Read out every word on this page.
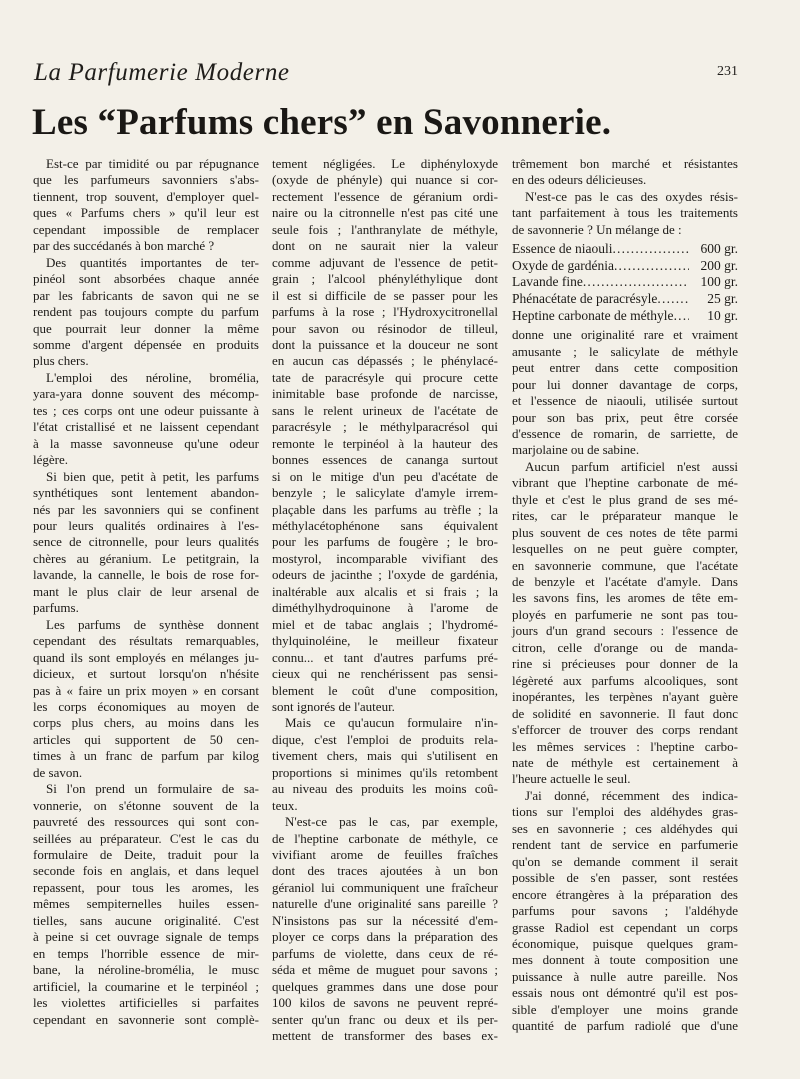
La Parfumerie Moderne	231
Les “Parfums chers” en Savonnerie.
Est-ce par timidité ou par répugnance
que les parfumeurs savonniers s'abs-
tiennent, trop souvent, d'employer quel-
ques « Parfums chers » qu'il leur est
cependant impossible de remplacer
par des succédanés à bon marché ?
Des quantités importantes de ter-
pinéol sont absorbées chaque année
par les fabricants de savon qui ne se
rendent pas toujours compte du parfum
que pourrait leur donner la même
somme d'argent dépensée en produits
plus chers.
L'emploi des néroline, bromélia,
yara-yara donne souvent des mécomp-
tes ; ces corps ont une odeur puissante à
l'état cristallisé et ne laissent cependant
à la masse savonneuse qu'une odeur
légère.
Si bien que, petit à petit, les parfums
synthétiques sont lentement abandon-
nés par les savonniers qui se confinent
pour leurs qualités ordinaires à l'es-
sence de citronnelle, pour leurs qualités
chères au géranium. Le petitgrain, la
lavande, la cannelle, le bois de rose for-
mant le plus clair de leur arsenal de
parfums.
Les parfums de synthèse donnent
cependant des résultats remarquables,
quand ils sont employés en mélanges ju-
dicieux, et surtout lorsqu'on n'hésite
pas à « faire un prix moyen » en corsant
les corps économiques au moyen de
corps plus chers, au moins dans les
articles qui supportent de 50 cen-
times à un franc de parfum par kilog
de savon.
Si l'on prend un formulaire de sa-
vonnerie, on s'étonne souvent de la
pauvreté des ressources qui sont con-
seillées au préparateur. C'est le cas du
formulaire de Deite, traduit pour la
seconde fois en anglais, et dans lequel
repassent, pour tous les aromes, les
mêmes sempiternelles huiles essen-
tielles, sans aucune originalité. C'est
à peine si cet ouvrage signale de temps
en temps l'horrible essence de mir-
bane, la néroline-bromélia, le musc
artificiel, la coumarine et le terpinéol ;
les violettes artificielles si parfaites
cependant en savonnerie sont complè-
tement négligées. Le diphényloxyde
(oxyde de phényle) qui nuance si cor-
rectement l'essence de géranium ordi-
naire ou la citronnelle n'est pas cité une
seule fois ; l'anthranylate de méthyle,
dont on ne saurait nier la valeur
comme adjuvant de l'essence de petit-
grain ; l'alcool phényléthylique dont
il est si difficile de se passer pour les
parfums à la rose ; l'Hydroxycitronellal
pour savon ou résinodor de tilleul,
dont la puissance et la douceur ne sont
en aucun cas dépassés ; le phénylacé-
tate de paracrésyle qui procure cette
inimitable base profonde de narcisse,
sans le relent urineux de l'acétate de
paracrésyle ; le méthylparacrésol qui
remonte le terpinéol à la hauteur des
bonnes essences de cananga surtout
si on le mitige d'un peu d'acétate de
benzyle ; le salicylate d'amyle irrem-
plaçable dans les parfums au trèfle ; la
méthylacétophénone sans équivalent
pour les parfums de fougère ; le bro-
mostyrol, incomparable vivifiant des
odeurs de jacinthe ; l'oxyde de gardénia,
inaltérable aux alcalis et si frais ; la
diméthylhydroquinone à l'arome de
miel et de tabac anglais ; l'hydromé-
thylquinoléine, le meilleur fixateur
connu... et tant d'autres parfums pré-
cieux qui ne renchérissent pas sensi-
blement le coût d'une composition,
sont ignorés de l'auteur.
Mais ce qu'aucun formulaire n'in-
dique, c'est l'emploi de produits rela-
tivement chers, mais qui s'utilisent en
proportions si minimes qu'ils retombent
au niveau des produits les moins coû-
teux.
N'est-ce pas le cas, par exemple,
de l'heptine carbonate de méthyle, ce
vivifiant arome de feuilles fraîches
dont des traces ajoutées à un bon
géraniol lui communiquent une fraîcheur
naturelle d'une originalité sans pareille ?
N'insistons pas sur la nécessité d'em-
ployer ce corps dans la préparation des
parfums de violette, dans ceux de ré-
séda et même de muguet pour savons ;
quelques grammes dans une dose pour
100 kilos de savons ne peuvent repré-
senter qu'un franc ou deux et ils per-
mettent de transformer des bases ex-
trêmement bon marché et résistantes
en des odeurs délicieuses.
N'est-ce pas le cas des oxydes résis-
tant parfaitement à tous les traitements
de savonnerie ? Un mélange de :
Essence de niaouli .....	600 gr.
Oxyde de gardénia .....	200 gr.
Lavande fine .....	100 gr.
Phénacétate de paracrésyle .....	25 gr.
Heptine carbonate de méthyle .....	10 gr.
donne une originalité rare et vraiment
amusante ; le salicylate de méthyle
peut entrer dans cette composition
pour lui donner davantage de corps,
et l'essence de niaouli, utilisée surtout
pour son bas prix, peut être corsée
d'essence de romarin, de sarriette, de
marjolaine ou de sabine.
Aucun parfum artificiel n'est aussi
vibrant que l'heptine carbonate de mé-
thyle et c'est le plus grand de ses mé-
rites, car le préparateur manque le
plus souvent de ces notes de tête parmi
lesquelles on ne peut guère compter,
en savonnerie commune, que l'acétate
de benzyle et l'acétate d'amyle. Dans
les savons fins, les aromes de tête em-
ployés en parfumerie ne sont pas tou-
jours d'un grand secours : l'essence de
citron, celle d'orange ou de manda-
rine si précieuses pour donner de la
légèreté aux parfums alcooliques, sont
inopérantes, les terpènes n'ayant guère
de solidité en savonnerie. Il faut donc
s'efforcer de trouver des corps rendant
les mêmes services : l'heptine carbo-
nate de méthyle est certainement à
l'heure actuelle le seul.
J'ai donné, récemment des indica-
tions sur l'emploi des aldéhydes gras-
ses en savonnerie ; ces aldéhydes qui
rendent tant de service en parfumerie
qu'on se demande comment il serait
possible de s'en passer, sont restées
encore étrangères à la préparation des
parfums pour savons ; l'aldéhyde
grasse Radiol est cependant un corps
économique, puisque quelques gram-
mes donnent à toute composition une
puissance à nulle autre pareille. Nos
essais nous ont démontré qu'il est pos-
sible d'employer une moins grande
quantité de parfum radiolé que d'une
